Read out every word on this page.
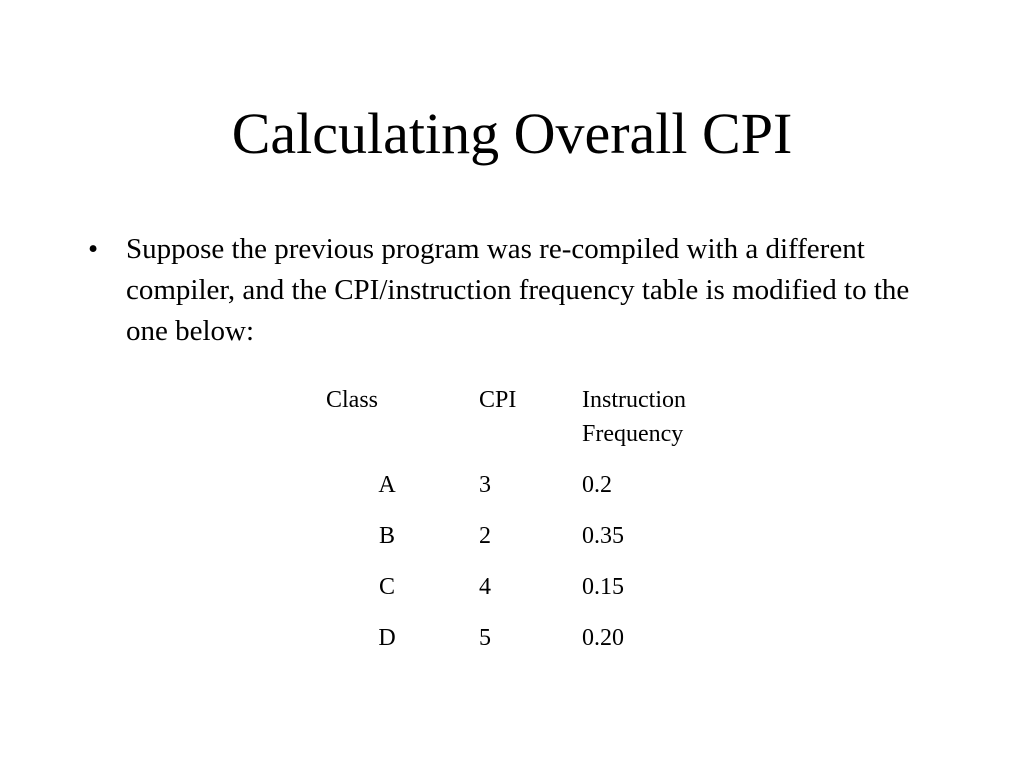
Calculating Overall CPI
• Suppose the previous program was re-compiled with a different compiler, and the CPI/instruction frequency table is modified to the one below:
Class	CPI	Instruction
Frequency
A	3	0.2
B	2	0.35
C	4	0.15
D	5	0.20
